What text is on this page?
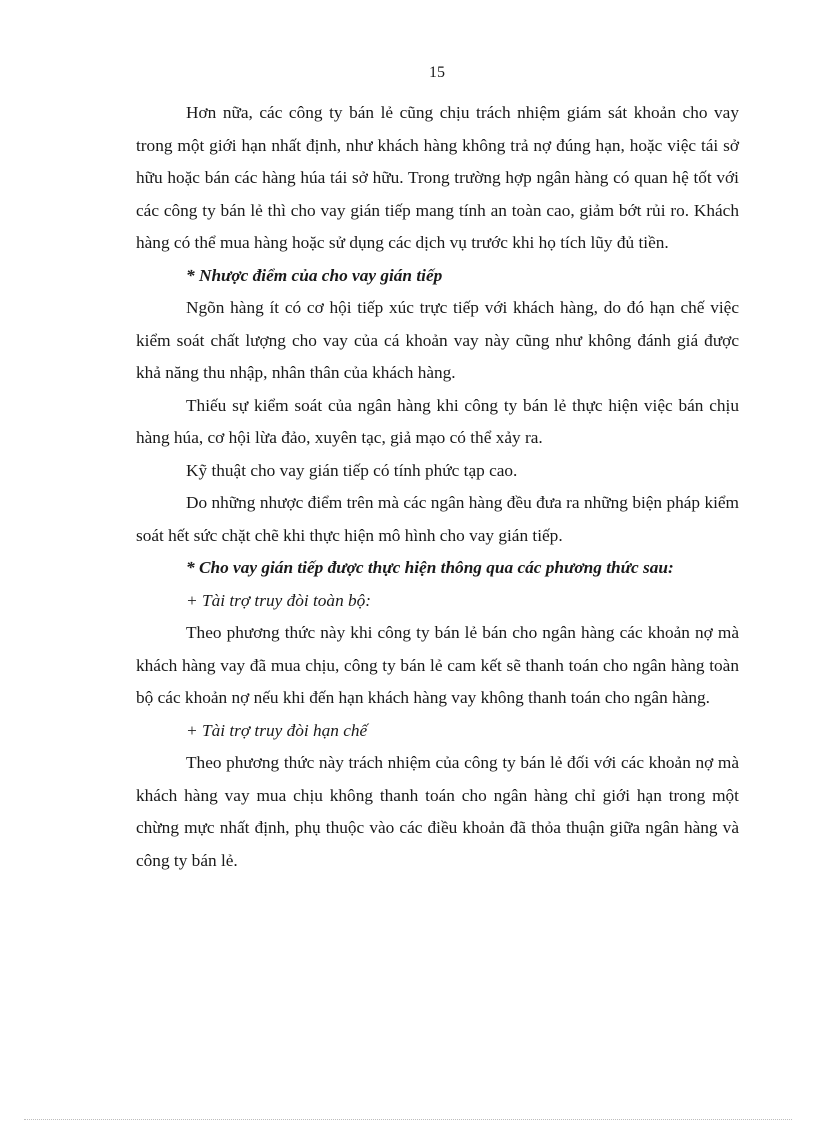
15

Hơn nữa, các công ty bán lẻ cũng chịu trách nhiệm giám sát khoản cho vay trong một giới hạn nhất định, như khách hàng không trả nợ đúng hạn, hoặc việc tái sở hữu hoặc bán các hàng húa tái sở hữu. Trong trường hợp ngân hàng có quan hệ tốt với các công ty bán lẻ thì cho vay gián tiếp mang tính an toàn cao, giảm bớt rủi ro. Khách hàng có thể mua hàng hoặc sử dụng các dịch vụ trước khi họ tích lũy đủ tiền.

* Nhược điểm của cho vay gián tiếp

Ngõn hàng ít có cơ hội tiếp xúc trực tiếp với khách hàng, do đó hạn chế việc kiểm soát chất lượng cho vay của cá khoản vay này cũng như không đánh giá được khả năng thu nhập, nhân thân của khách hàng.

Thiếu sự kiểm soát của ngân hàng khi công ty bán lẻ thực hiện việc bán chịu hàng húa, cơ hội lừa đảo, xuyên tạc, giả mạo có thể xảy ra.

Kỹ thuật cho vay gián tiếp có tính phức tạp cao.

Do những nhược điểm trên mà các ngân hàng đều đưa ra những biện pháp kiểm soát hết sức chặt chẽ khi thực hiện mô hình cho vay gián tiếp.

* Cho vay gián tiếp được thực hiện thông qua các phương thức sau:

+ Tài trợ truy đòi toàn bộ:

Theo phương thức này khi công ty bán lẻ bán cho ngân hàng các khoản nợ mà khách hàng vay đã mua chịu, công ty bán lẻ cam kết sẽ thanh toán cho ngân hàng toàn bộ các khoản nợ nếu khi đến hạn khách hàng vay không thanh toán cho ngân hàng.

+ Tài trợ truy đòi hạn chế

Theo phương thức này trách nhiệm của công ty bán lẻ đối với các khoản nợ mà khách hàng vay mua chịu không thanh toán cho ngân hàng chỉ giới hạn trong một chừng mực nhất định, phụ thuộc vào các điều khoản đã thỏa thuận giữa ngân hàng và công ty bán lẻ.
